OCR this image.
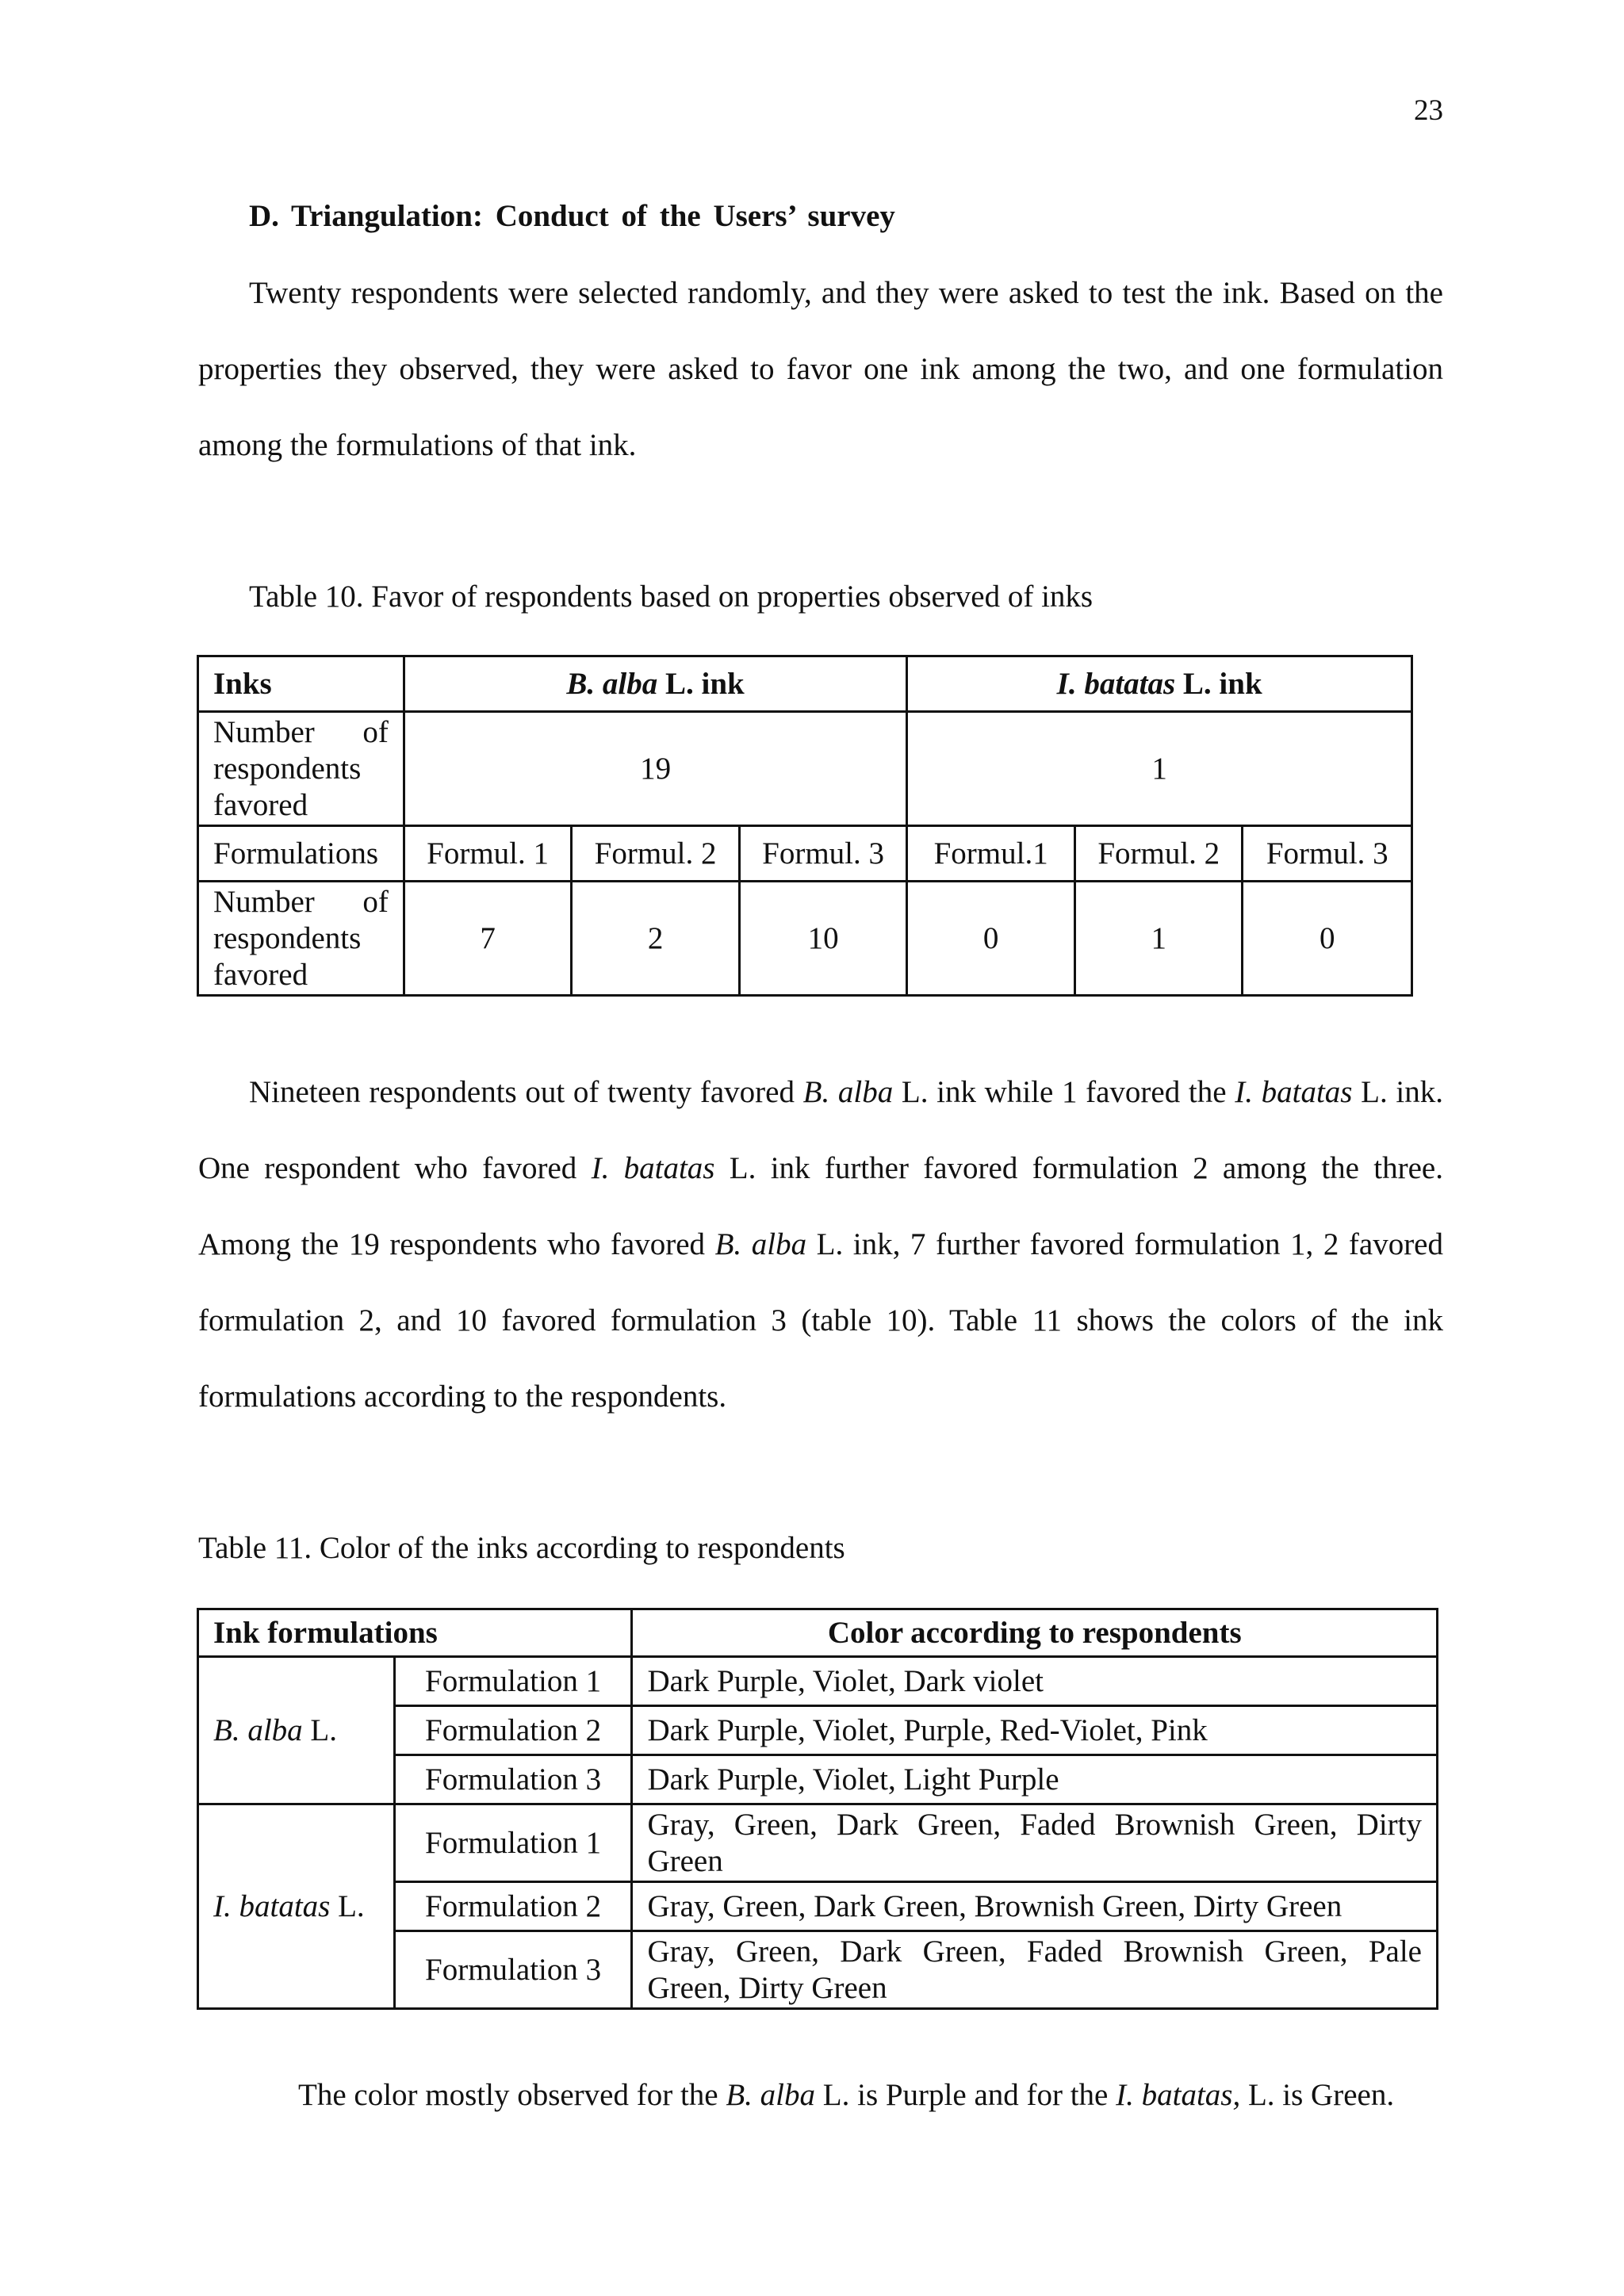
23
D. Triangulation: Conduct of the Users’ survey

Twenty respondents were selected randomly, and they were asked to test the ink. Based on the properties they observed, they were asked to favor one ink among the two, and one formulation among the formulations of that ink.

Table 10. Favor of respondents based on properties observed of inks

Inks	B. alba L. ink			I. batatas L. ink		

Number of
respondents
favored	19			1		
Formulations	Formul. 1	Formul. 2	Formul. 3	Formul.1	Formul. 2	Formul. 3

Number of
respondents
favored	7	2	10	0	1	0

Nineteen respondents out of twenty favored B. alba L. ink while 1 favored the I. batatas L. ink. One respondent who favored I. batatas L. ink further favored formulation 2 among the three. Among the 19 respondents who favored B. alba L. ink, 7 further favored formulation 1, 2 favored formulation 2, and 10 favored formulation 3 (table 10). Table 11 shows the colors of the ink formulations according to the respondents.

Table 11. Color of the inks according to respondents

Ink formulations		Color according to respondents
B. alba L.	Formulation 1	Dark Purple, Violet, Dark violet
	Formulation 2	Dark Purple, Violet, Purple, Red-Violet, Pink
	Formulation 3	Dark Purple, Violet, Light Purple
I. batatas L.	Formulation 1	Gray, Green, Dark Green, Faded Brownish Green, Dirty
Green

	Formulation 2	Gray, Green, Dark Green, Brownish Green, Dirty Green
	Formulation 3	Gray, Green, Dark Green, Faded Brownish Green, Pale
Green, Dirty Green

The color mostly observed for the B. alba L. is Purple and for the I. batatas, L. is Green.
